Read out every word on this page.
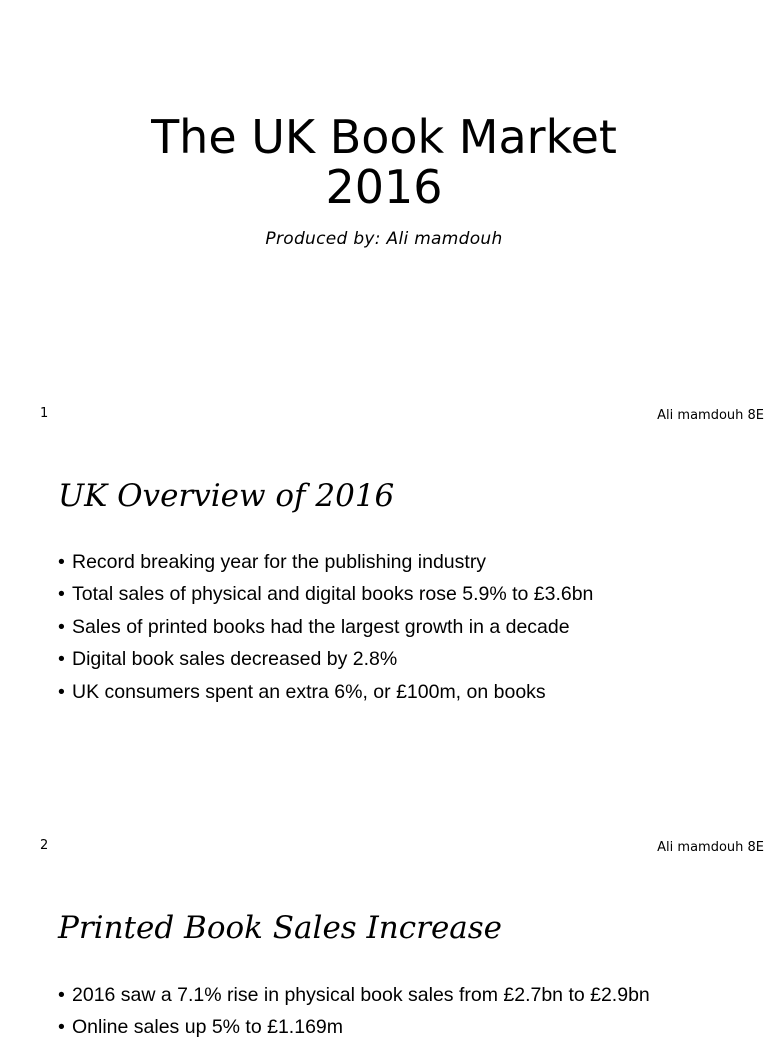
The UK Book Market
2016
Produced by: Ali mamdouh
1	Ali mamdouh 8E
UK Overview of 2016
• Record breaking year for the publishing industry
• Total sales of physical and digital books rose 5.9% to £3.6bn
• Sales of printed books had the largest growth in a decade
• Digital book sales decreased by 2.8%
• UK consumers spent an extra 6%, or £100m, on books
2	Ali mamdouh 8E
Printed Book Sales Increase
• 2016 saw a 7.1% rise in physical book sales from £2.7bn to £2.9bn
• Online sales up 5% to £1.169m
